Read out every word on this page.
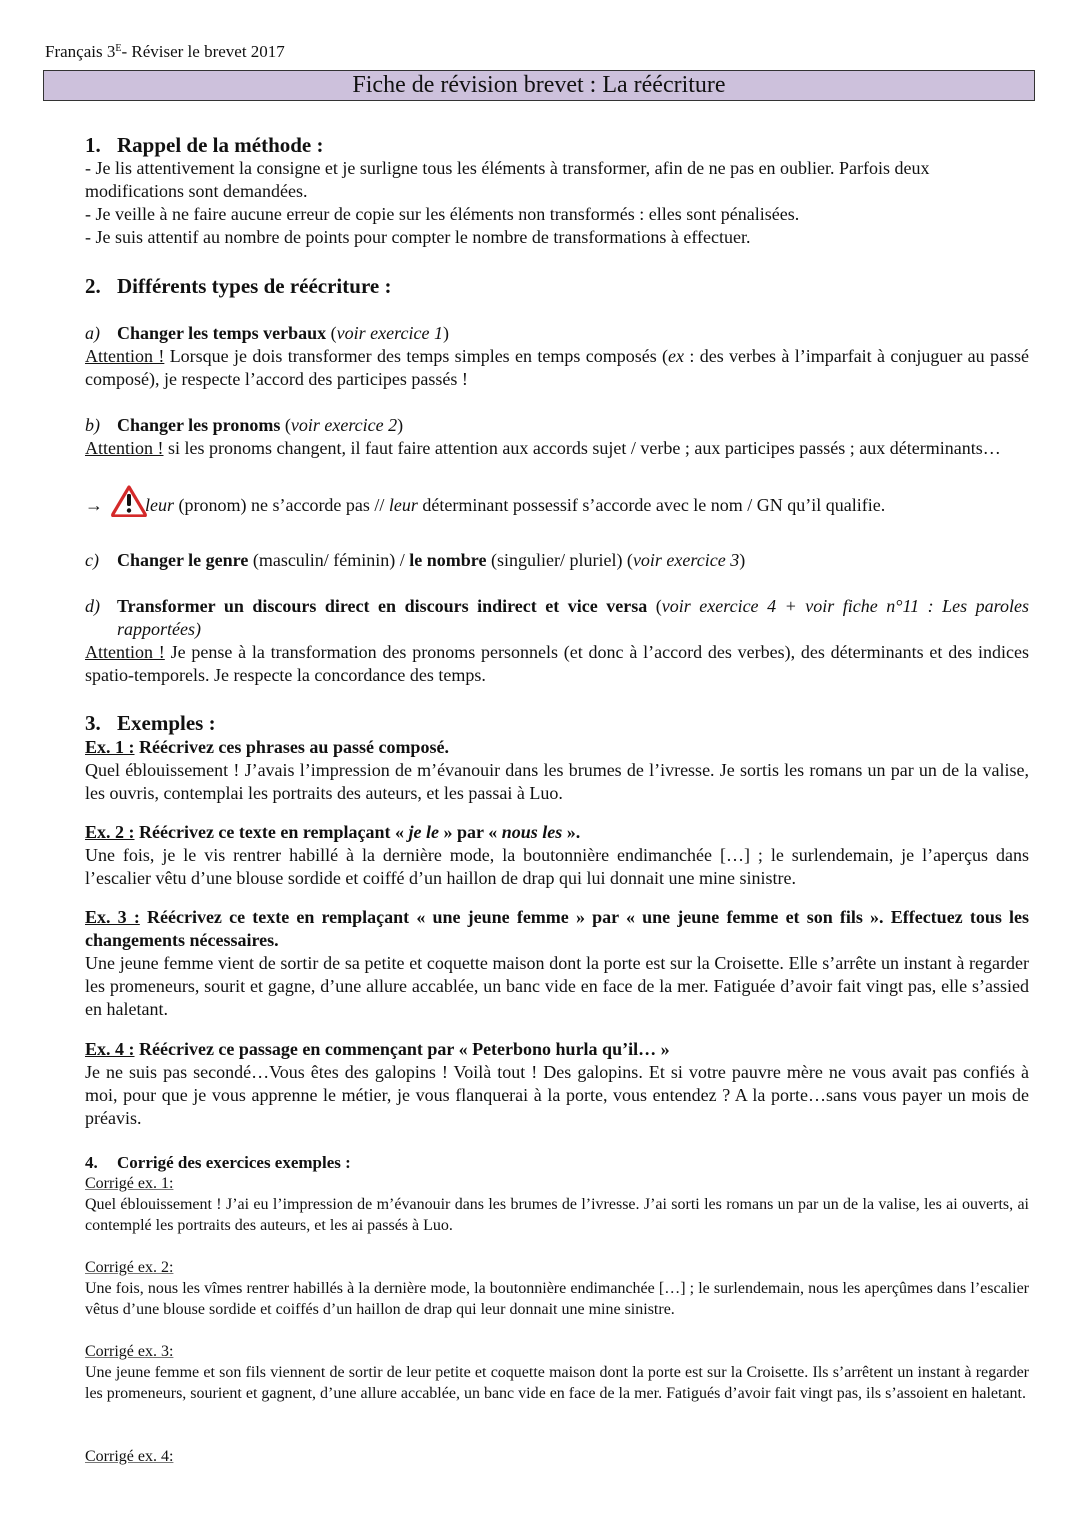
Français $3^E-$ Réviser le brevet 2017
Fiche de révision brevet : La réécriture
1. Rappel de la méthode :

- Je lis attentivement la consigne et je surligne tous les éléments à transformer, afin de ne pas en oublier. Parfois deux modifications sont demandées.

- Je veille à ne faire aucune erreur de copie sur les éléments non transformés : elles sont pénalisées.

- Je suis attentif au nombre de points pour compter le nombre de transformations à effectuer.

2. Différents types de réécriture :
a) Changer les temps verbaux (voir exercice 1)

Attention ! Lorsque je dois transformer des temps simples en temps composés (ex : des verbes à l’imparfait à conjuguer au passé composé), je respecte l’accord des participes passés !

b) Changer les pronoms (voir exercice 2)

Attention ! si les pronoms changent, il faut faire attention aux accords sujet / verbe ; aux participes passés ; aux déterminants…

→ leur (pronom) ne s’accorde pas // leur déterminant possessif s’accorde avec le nom / GN qu’il qualifie.
c) Changer le genre (masculin/ féminin) / le nombre (singulier/ pluriel) (voir exercice 3)
d) Transformer un discours direct en discours indirect et vice versa (voir exercice 4 + voir fiche n°11 : Les paroles rapportées)

Attention ! Je pense à la transformation des pronoms personnels (et donc à l’accord des verbes), des déterminants et des indices spatio-temporels. Je respecte la concordance des temps.

3. Exemples :

Ex. 1 : Réécrivez ces phrases au passé composé.

Quel éblouissement ! J’avais l’impression de m’évanouir dans les brumes de l’ivresse. Je sortis les romans un par un de la valise, les ouvris, contemplai les portraits des auteurs, et les passai à Luo.

Ex. 2 : Réécrivez ce texte en remplaçant « je le » par « nous les ».

Une fois, je le vis rentrer habillé à la dernière mode, la boutonnière endimanchée […] ; le surlendemain, je l’aperçus dans l’escalier vêtu d’une blouse sordide et coiffé d’un haillon de drap qui lui donnait une mine sinistre.

Ex. 3 : Réécrivez ce texte en remplaçant « une jeune femme » par « une jeune femme et son fils ». Effectuez tous les changements nécessaires.

Une jeune femme vient de sortir de sa petite et coquette maison dont la porte est sur la Croisette. Elle s’arrête un instant à regarder les promeneurs, sourit et gagne, d’une allure accablée, un banc vide en face de la mer. Fatiguée d’avoir fait vingt pas, elle s’assied en haletant.

Ex. 4 : Réécrivez ce passage en commençant par « Peterbono hurla qu’il… »

Je ne suis pas secondé…Vous êtes des galopins ! Voilà tout ! Des galopins. Et si votre pauvre mère ne vous avait pas confiés à moi, pour que je vous apprenne le métier, je vous flanquerai à la porte, vous entendez ? A la porte…sans vous payer un mois de préavis.

4. Corrigé des exercices exemples :

Corrigé ex. 1:

Quel éblouissement ! J’ai eu l’impression de m’évanouir dans les brumes de l’ivresse. J’ai sorti les romans un par un de la valise, les ai ouverts, ai contemplé les portraits des auteurs, et les ai passés à Luo.

Corrigé ex. 2:

Une fois, nous les vîmes rentrer habillés à la dernière mode, la boutonnière endimanchée […] ; le surlendemain, nous les aperçûmes dans l’escalier vêtus d’une blouse sordide et coiffés d’un haillon de drap qui leur donnait une mine sinistre.

Corrigé ex. 3:

Une jeune femme et son fils viennent de sortir de leur petite et coquette maison dont la porte est sur la Croisette. Ils s’arrêtent un instant à regarder les promeneurs, sourient et gagnent, d’une allure accablée, un banc vide en face de la mer. Fatigués d’avoir fait vingt pas, ils s’assoient en haletant.

Corrigé ex. 4:
